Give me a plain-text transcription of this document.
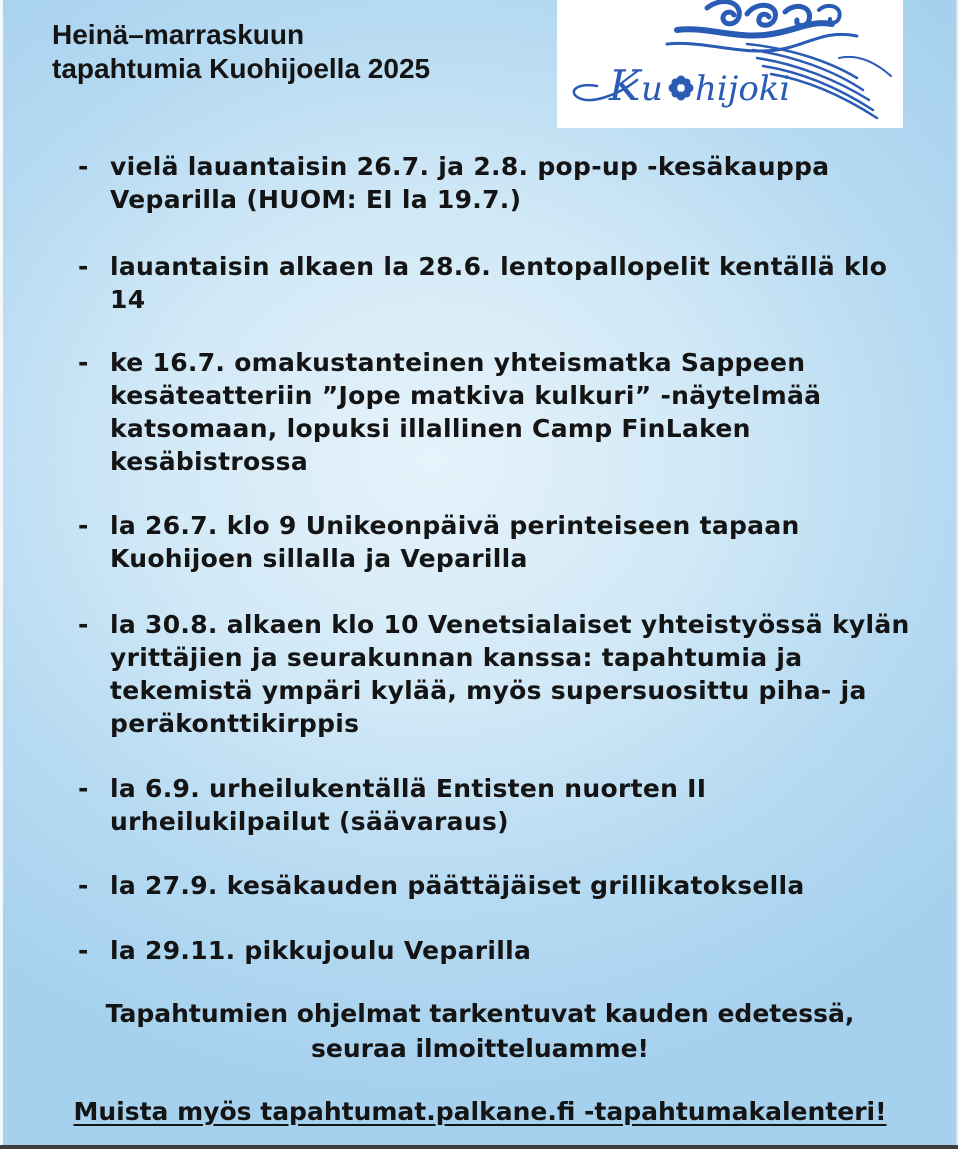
Heinä–marraskuun
tapahtumia Kuohijoella 2025	K u hijoki
- vielä lauantaisin 26.7. ja 2.8. pop-up -kesäkauppa
Veparilla (HUOM: EI la 19.7.)
- lauantaisin alkaen la 28.6. lentopallopelit kentällä klo
14
- ke 16.7. omakustanteinen yhteismatka Sappeen
kesäteatteriin ”Jope matkiva kulkuri” -näytelmää
katsomaan, lopuksi illallinen Camp FinLaken
kesäbistrossa
- la 26.7. klo 9 Unikeonpäivä perinteiseen tapaan
Kuohijoen sillalla ja Veparilla
- la 30.8. alkaen klo 10 Venetsialaiset yhteistyössä kylän
yrittäjien ja seurakunnan kanssa: tapahtumia ja
tekemistä ympäri kylää, myös supersuosittu piha- ja
peräkonttikirppis
- la 6.9. urheilukentällä Entisten nuorten II
urheilukilpailut (säävaraus)
- la 27.9. kesäkauden päättäjäiset grillikatoksella
- la 29.11. pikkujoulu Veparilla

Tapahtumien ohjelmat tarkentuvat kauden edetessä,
seuraa ilmoitteluamme!

Muista myös tapahtumat.palkane.fi -tapahtumakalenteri!
